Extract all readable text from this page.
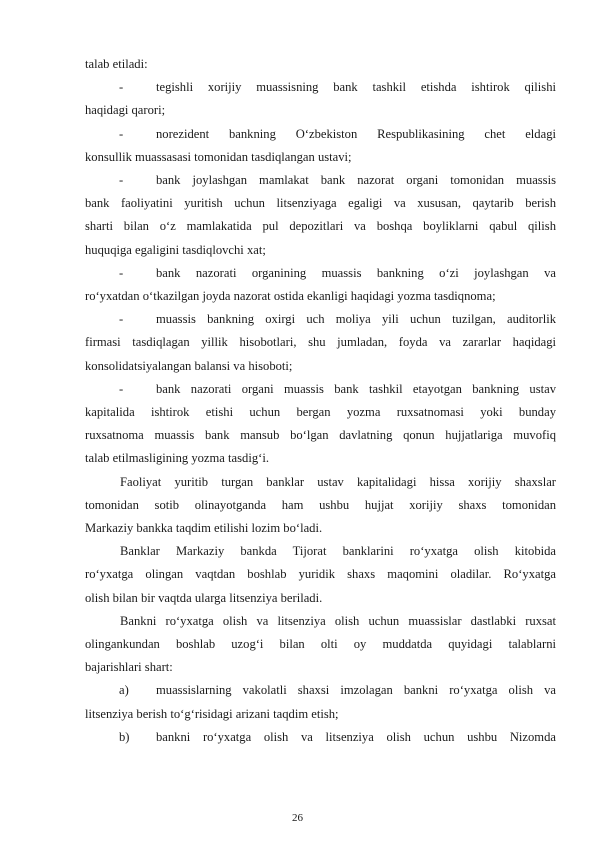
talab etiladi:

-	tegishli xorijiy muassisning bank tashkil etishda ishtirok qilishi

haqidagi qarori;

-	norezident bankning O‘zbekiston Respublikasining chet eldagi

konsullik muassasasi tomonidan tasdiqlangan ustavi;

-	bank joylashgan mamlakat bank nazorat organi tomonidan muassis
bank faoliyatini yuritish uchun litsenziyaga egaligi va xususan, qaytarib berish
sharti bilan o‘z mamlakatida pul depozitlari va boshqa boyliklarni qabul qilish

huquqiga egaligini tasdiqlovchi xat;

-	bank nazorati organining muassis bankning o‘zi joylashgan va

ro‘yxatdan o‘tkazilgan joyda nazorat ostida ekanligi haqidagi yozma tasdiqnoma;

-	muassis bankning oxirgi uch moliya yili uchun tuzilgan, auditorlik
firmasi tasdiqlagan yillik hisobotlari, shu jumladan, foyda va zararlar haqidagi

konsolidatsiyalangan balansi va hisoboti;

-	bank nazorati organi muassis bank tashkil etayotgan bankning ustav
kapitalida ishtirok etishi uchun bergan yozma ruxsatnomasi yoki bunday
ruxsatnoma muassis bank mansub bo‘lgan davlatning qonun hujjatlariga muvofiq

talab etilmasligining yozma tasdig‘i.

Faoliyat yuritib turgan banklar ustav kapitalidagi hissa xorijiy shaxslar
tomonidan sotib olinayotganda ham ushbu hujjat xorijiy shaxs tomonidan

Markaziy bankka taqdim etilishi lozim bo‘ladi.

Banklar Markaziy bankda Tijorat banklarini ro‘yxatga olish kitobida
ro‘yxatga olingan vaqtdan boshlab yuridik shaxs maqomini oladilar. Ro‘yxatga

olish bilan bir vaqtda ularga litsenziya beriladi.

Bankni ro‘yxatga olish va litsenziya olish uchun muassislar dastlabki ruxsat
olingankundan boshlab uzog‘i bilan olti oy muddatda quyidagi talablarni

bajarishlari shart:

a)	muassislarning vakolatli shaxsi imzolagan bankni ro‘yxatga olish va

litsenziya berish to‘g‘risidagi arizani taqdim etish;

b)	bankni ro‘yxatga olish va litsenziya olish uchun ushbu Nizomda
26
